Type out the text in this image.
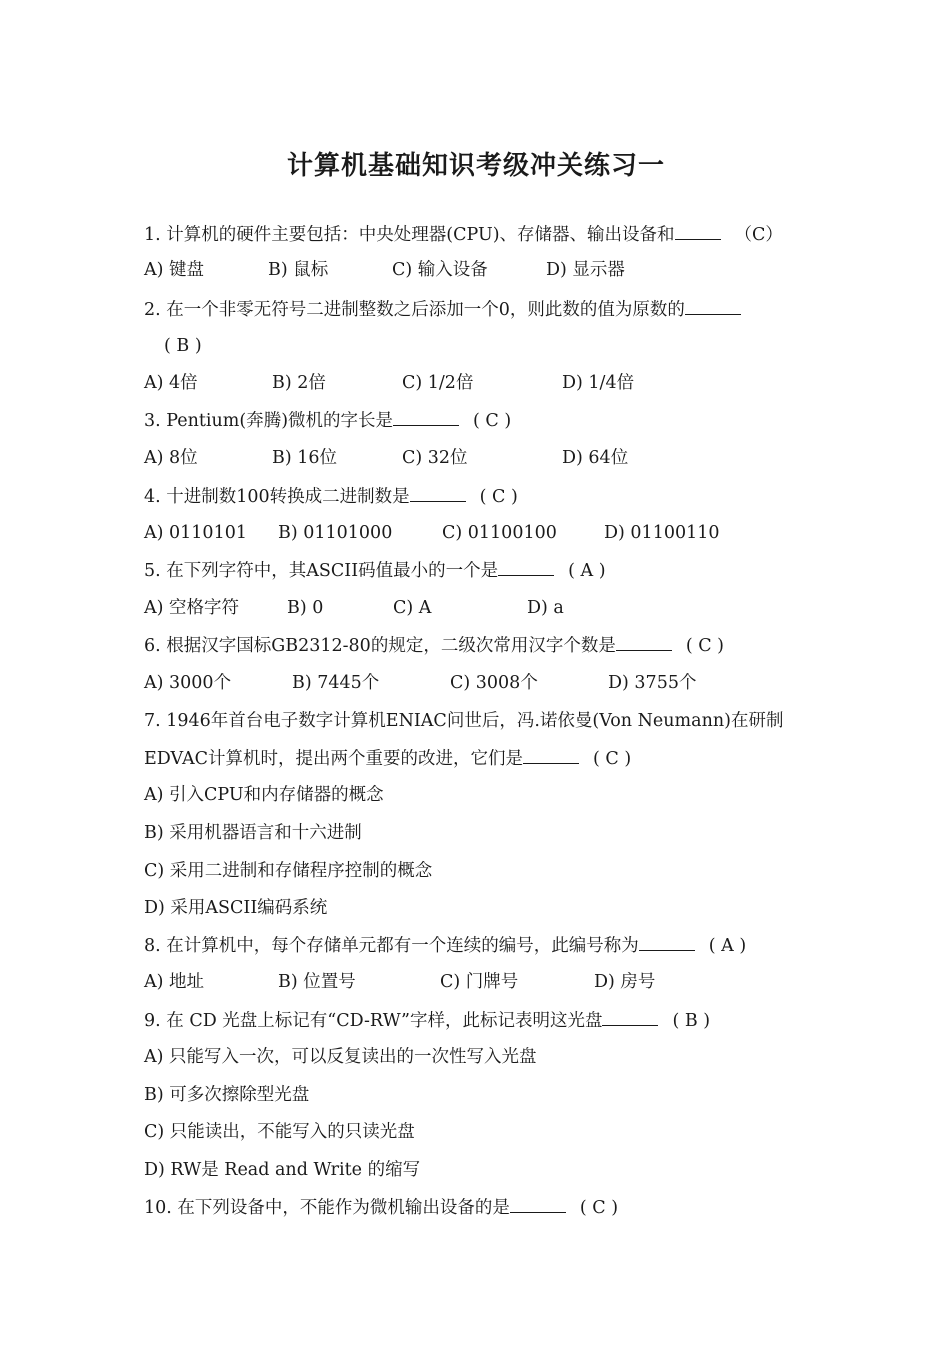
计算机基础知识考级冲关练习一
1. 计算机的硬件主要包括：中央处理器(CPU)、存储器、输出设备和	（C）
A) 键盘	B) 鼠标	C) 输入设备	D) 显示器
2. 在一个非零无符号二进制整数之后添加一个0，则此数的值为原数的
( B )
A) 4倍	B) 2倍	C) 1/2倍	D) 1/4倍
3. Pentium(奔腾)微机的字长是	( C )
A) 8位	B) 16位	C) 32位	D) 64位
4. 十进制数100转换成二进制数是	( C )
A) 0110101 B) 01101000	C) 01100100	D) 01100110
5. 在下列字符中，其ASCII码值最小的一个是	( A )
A) 空格字符	B) 0	C) A	D) a
6. 根据汉字国标GB2312-80的规定，二级次常用汉字个数是	( C )
A) 3000个	B) 7445个	C) 3008个	D) 3755个
7. 1946年首台电子数字计算机ENIAC问世后，冯.诺依曼(Von Neumann)在研制
EDVAC计算机时，提出两个重要的改进，它们是	( C )
A) 引入CPU和内存储器的概念
B) 采用机器语言和十六进制
C) 采用二进制和存储程序控制的概念
D) 采用ASCII编码系统
8. 在计算机中，每个存储单元都有一个连续的编号，此编号称为	( A )
A) 地址	B) 位置号	C) 门牌号	D) 房号
9. 在 CD 光盘上标记有“CD-RW”字样，此标记表明这光盘	( B )
A) 只能写入一次，可以反复读出的一次性写入光盘
B) 可多次擦除型光盘
C) 只能读出，不能写入的只读光盘
D) RW是 Read and Write 的缩写
10. 在下列设备中，不能作为微机输出设备的是	( C )
